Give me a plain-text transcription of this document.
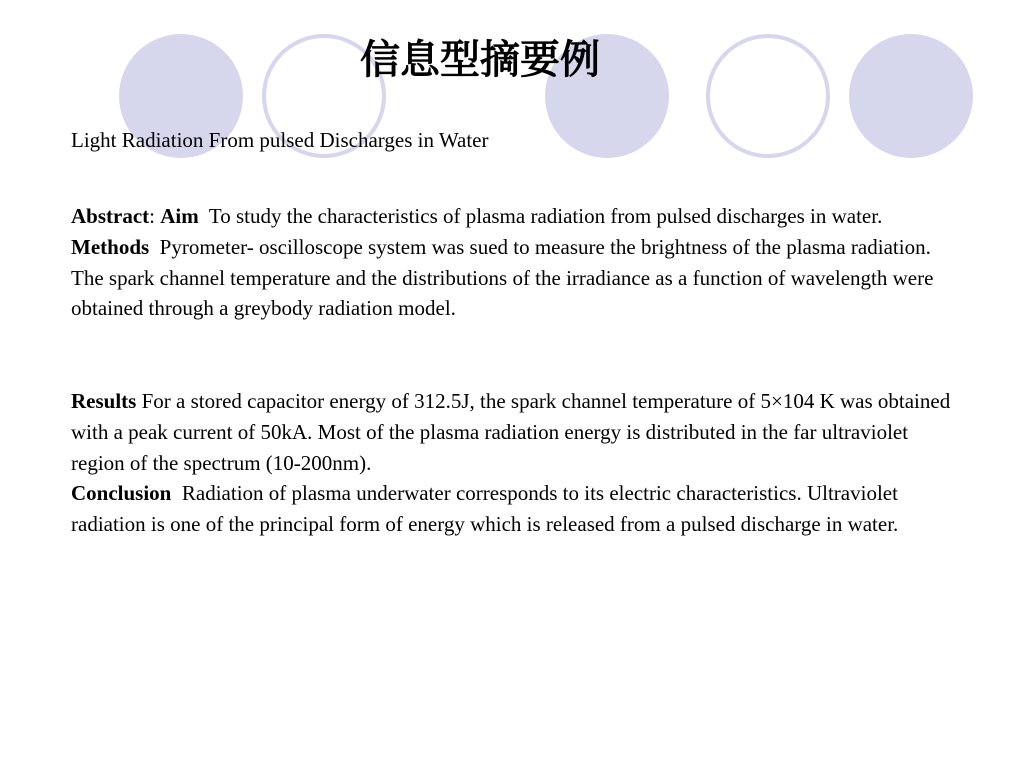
信息型摘要例

Light Radiation From pulsed Discharges in Water

Abstract: Aim  To study the characteristics of plasma radiation from pulsed discharges in water. Methods  Pyrometer- oscilloscope system was sued to measure the brightness of the plasma radiation. The spark channel temperature and the distributions of the irradiance as a function of wavelength were obtained through a greybody radiation model.

Results For a stored capacitor energy of 312.5J, the spark channel temperature of 5×104 K was obtained with a peak current of 50kA. Most of the plasma radiation energy is distributed in the far ultraviolet region of the spectrum (10-200nm).
Conclusion  Radiation of plasma underwater corresponds to its electric characteristics. Ultraviolet radiation is one of the principal form of energy which is released from a pulsed discharge in water.
